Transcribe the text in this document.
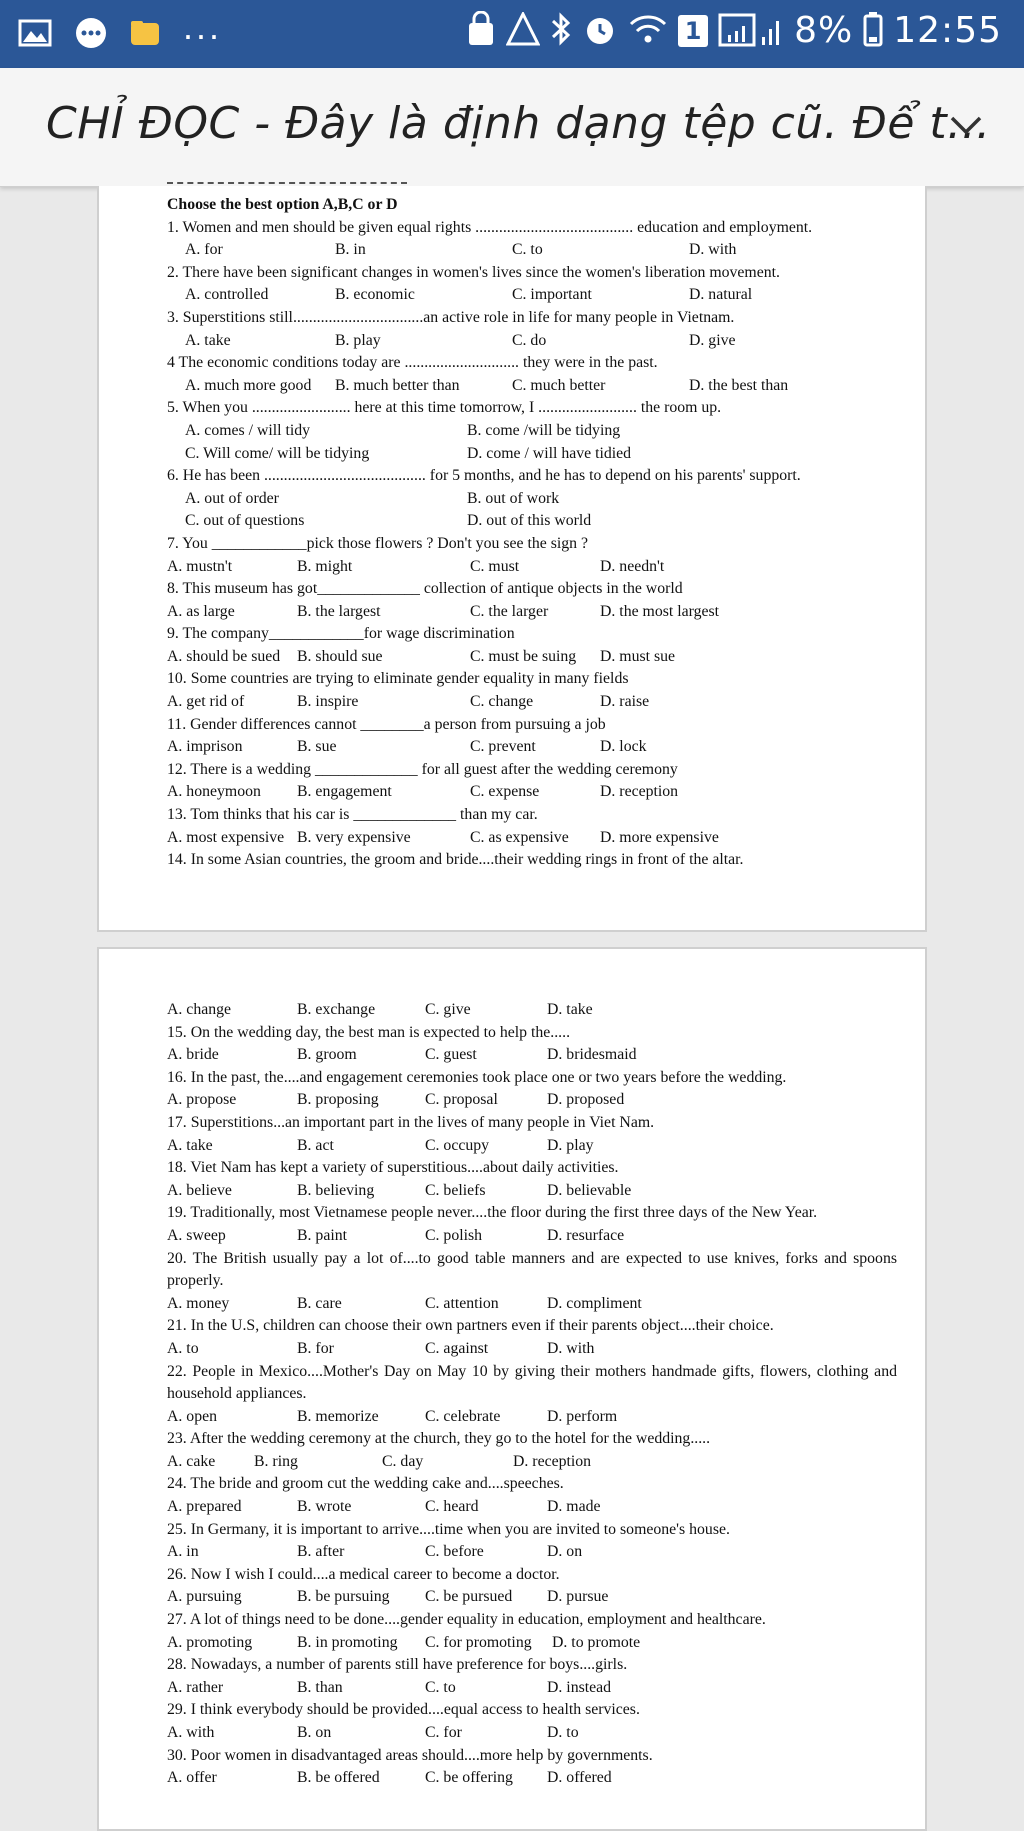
···	1	8% 12:55
CHỈ ĐỌC - Đây là định dạng tệp cũ. Để t...
Choose the best option A,B,C or D
1. Women and men should be given equal rights ........................................ education and employment.
A. for	B. in	C. to	D. with
2. There have been significant changes in women's lives since the women's liberation movement.
A. controlled	B. economic	C. important	D. natural
3. Superstitions still.................................an active role in life for many people in Vietnam.
A. take	B. play	C. do	D. give
4 The economic conditions today are ............................. they were in the past.
A. much more good B. much better than	C. much better	D. the best than
5. When you ......................... here at this time tomorrow, I ......................... the room up.
A. comes / will tidy	B. come /will be tidying
C. Will come/ will be tidying	D. come / will have tidied
6. He has been ......................................... for 5 months, and he has to depend on his parents' support.
A. out of order	B. out of work
C. out of questions	D. out of this world
7. You ____________pick those flowers ? Don't you see the sign ?
A. mustn't	B. might	C. must	D. needn't
8. This museum has got_____________ collection of antique objects in the world
A. as large	B. the largest	C. the larger	D. the most largest
9. The company____________for wage discrimination
A. should be sued B. should sue	C. must be suing D. must sue
10. Some countries are trying to eliminate gender equality in many fields
A. get rid of	B. inspire	C. change	D. raise
11. Gender differences cannot ________a person from pursuing a job
A. imprison	B. sue	C. prevent	D. lock
12. There is a wedding _____________ for all guest after the wedding ceremony
A. honeymoon B. engagement	C. expense	D. reception
13. Tom thinks that his car is _____________ than my car.
A. most expensive B. very expensive	C. as expensive D. more expensive
14. In some Asian countries, the groom and bride....their wedding rings in front of the altar.
A. change	B. exchange	C. give	D. take
15. On the wedding day, the best man is expected to help the.....
A. bride	B. groom	C. guest	D. bridesmaid
16. In the past, the....and engagement ceremonies took place one or two years before the wedding.
A. propose	B. proposing	C. proposal	D. proposed
17. Superstitions...an important part in the lives of many people in Viet Nam.
A. take	B. act	C. occupy	D. play
18. Viet Nam has kept a variety of superstitious....about daily activities.
A. believe	B. believing	C. beliefs	D. believable
19. Traditionally, most Vietnamese people never....the floor during the first three days of the New Year.
A. sweep	B. paint	C. polish	D. resurface
20. The British usually pay a lot of....to good table manners and are expected to use knives, forks and spoons properly.
A. money	B. care	C. attention	D. compliment
21. In the U.S, children can choose their own partners even if their parents object....their choice.
A. to	B. for	C. against	D. with
22. People in Mexico....Mother's Day on May 10 by giving their mothers handmade gifts, flowers, clothing and household appliances.
A. open	B. memorize	C. celebrate	D. perform
23. After the wedding ceremony at the church, they go to the hotel for the wedding.....
A. cake B. ring	C. day	D. reception
24. The bride and groom cut the wedding cake and....speeches.
A. prepared	B. wrote	C. heard	D. made
25. In Germany, it is important to arrive....time when you are invited to someone's house.
A. in	B. after	C. before	D. on
26. Now I wish I could....a medical career to become a doctor.
A. pursuing	B. be pursuing C. be pursued D. pursue
27. A lot of things need to be done....gender equality in education, employment and healthcare.
A. promoting	B. in promoting C. for promoting D. to promote
28. Nowadays, a number of parents still have preference for boys....girls.
A. rather	B. than	C. to	D. instead
29. I think everybody should be provided....equal access to health services.
A. with	B. on	C. for	D. to
30. Poor women in disadvantaged areas should....more help by governments.
A. offer	B. be offered	C. be offering D. offered
